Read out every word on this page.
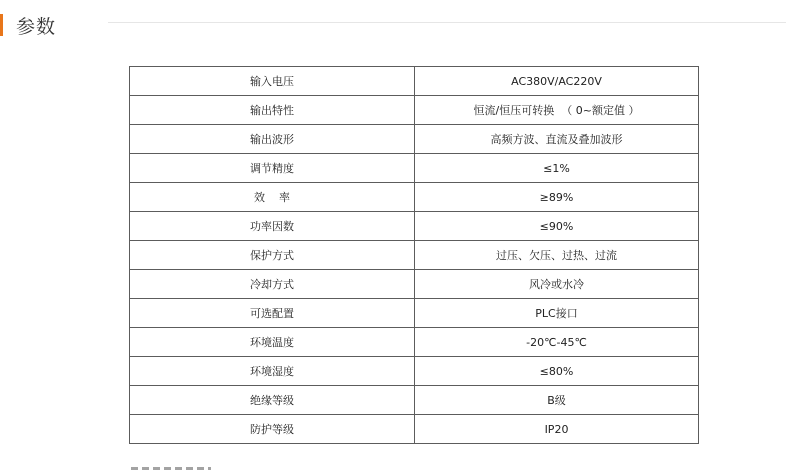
参数
输入电压	AC380V/AC220V
输出特性	恒流/恒压可转换  （ 0~额定值 ）
输出波形	高频方波、直流及叠加波形
调节精度	≤1%
效    率	≥89%
功率因数	≤90%
保护方式	过压、欠压、过热、过流
冷却方式	风冷或水冷
可选配置	PLC接口
环境温度	-20℃-45℃
环境湿度	≤80%
绝缘等级	B级
防护等级	IP20
